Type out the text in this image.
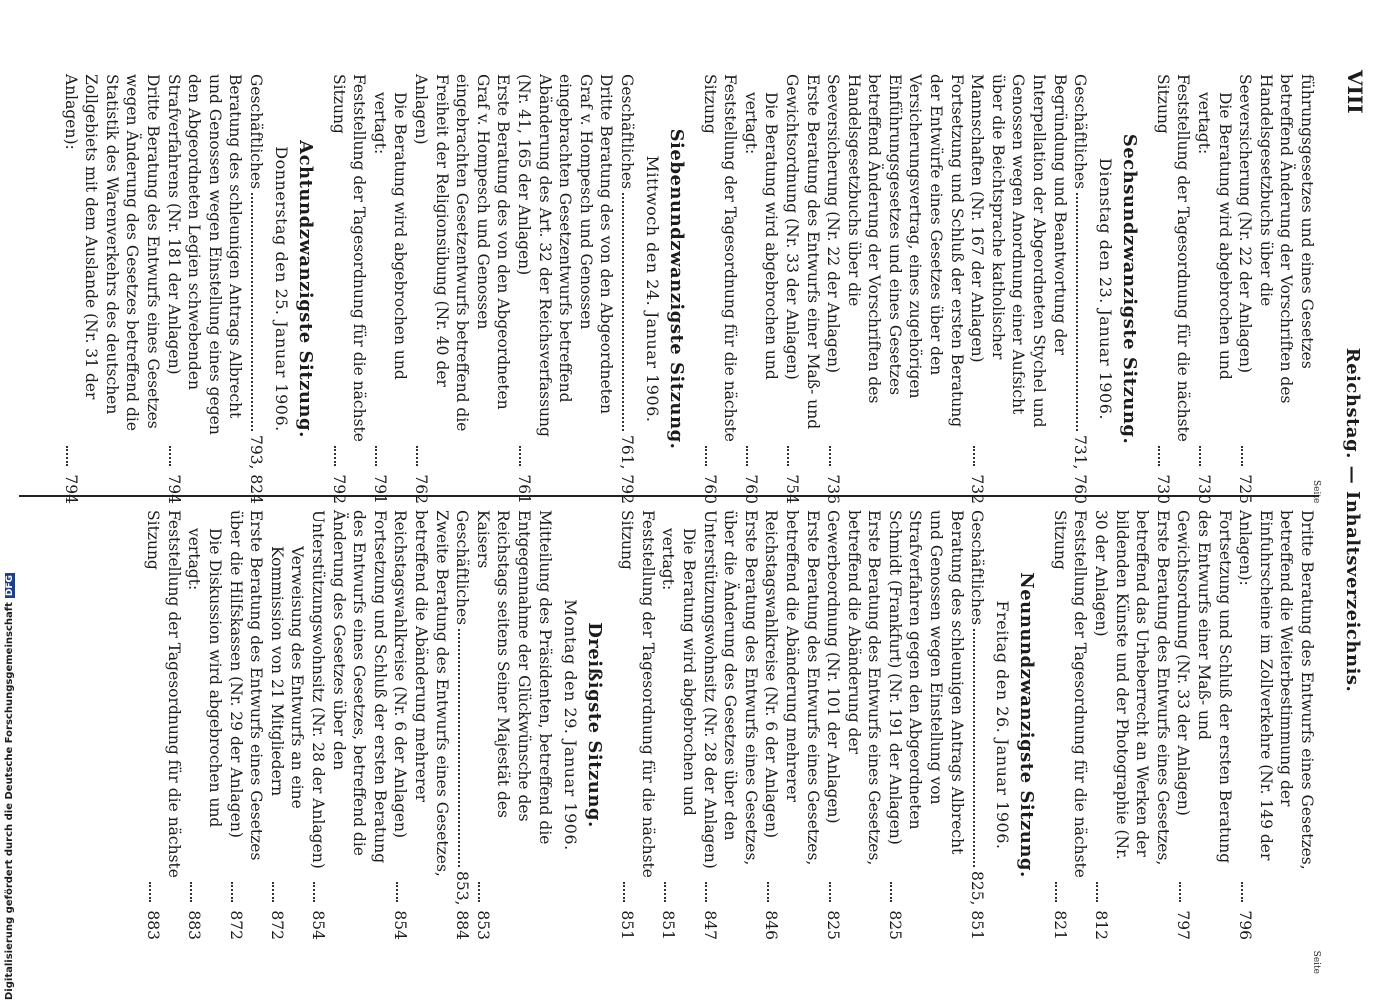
VIII
Reichstag. — Inhaltsverzeichnis.
Seite
Seite
führungsgesetzes und eines Gesetzes betreffend Änderung der Vorschriften des Handelsgesetzbuchs über die Seeversicherung (Nr. 22 der Anlagen)
725
Die Beratung wird abgebrochen und vertagt:
730
Feststellung der Tagesordnung für die nächste Sitzung
730
Sechsundzwanzigste Sitzung.
Dienstag den 23. Januar 1906.
Geschäftliches
731, 760
Begründung und Beantwortung der Interpellation der Abgeordneten Stychel und Genossen wegen Anordnung einer Aufsicht über die Beichtsprache katholischer Mannschaften (Nr. 167 der Anlagen)
732
Fortsetzung und Schluß der ersten Beratung der Entwürfe eines Gesetzes über den Versicherungsvertrag, eines zugehörigen Einführungsgesetzes und eines Gesetzes betreffend Änderung der Vorschriften des Handelsgesetzbuchs über die Seeversicherung (Nr. 22 der Anlagen)
736
Erste Beratung des Entwurfs einer Maß- und Gewichtsordnung (Nr. 33 der Anlagen)
754
Die Beratung wird abgebrochen und vertagt:
760
Feststellung der Tagesordnung für die nächste Sitzung
760
Siebenundzwanzigste Sitzung.
Mittwoch den 24. Januar 1906.
Geschäftliches
761, 792
Dritte Beratung des von den Abgeordneten Graf v. Hompesch und Genossen eingebrachten Gesetzentwurfs betreffend Abänderung des Art. 32 der Reichsverfassung (Nr. 41, 165 der Anlagen)
761
Erste Beratung des von den Abgeordneten Graf v. Hompesch und Genossen eingebrachten Gesetzentwurfs betreffend die Freiheit der Religionsübung (Nr. 40 der Anlagen)
762
Die Beratung wird abgebrochen und vertagt:
791
Feststellung der Tagesordnung für die nächste Sitzung
792
Achtundzwanzigste Sitzung.
Donnerstag den 25. Januar 1906.
Geschäftliches
793, 824
Beratung des schleunigen Antrags Albrecht und Genossen wegen Einstellung eines gegen den Abgeordneten Legien schwebenden Strafverfahrens (Nr. 181 der Anlagen)
794
Dritte Beratung des Entwurfs eines Gesetzes wegen Änderung des Gesetzes betreffend die Statistik des Warenverkehrs des deutschen Zollgebiets mit dem Auslande (Nr. 31 der Anlagen):
794
Dritte Beratung des Entwurfs eines Gesetzes, betreffend die Weiterbestimmung der Einfuhrscheine im Zollverkehre (Nr. 149 der Anlagen):
796
Fortsetzung und Schluß der ersten Beratung des Entwurfs einer Maß- und Gewichtsordnung (Nr. 33 der Anlagen)
797
Erste Beratung des Entwurfs eines Gesetzes, betreffend das Urheberrecht an Werken der bildenden Künste und der Photographie (Nr. 30 der Anlagen)
812
Feststellung der Tagesordnung für die nächste Sitzung
821
Neunundzwanzigste Sitzung.
Freitag den 26. Januar 1906.
Geschäftliches
825, 851
Beratung des schleunigen Antrags Albrecht und Genossen wegen Einstellung von Strafverfahren gegen den Abgeordneten Schmidt (Frankfurt) (Nr. 191 der Anlagen)
825
Erste Beratung des Entwurfs eines Gesetzes, betreffend die Abänderung der Gewerbeordnung (Nr. 101 der Anlagen)
825
Erste Beratung des Entwurfs eines Gesetzes, betreffend die Abänderung mehrerer Reichstagswahlkreise (Nr. 6 der Anlagen)
846
Erste Beratung des Entwurfs eines Gesetzes, über die Änderung des Gesetzes über den Unterstützungswohnsitz (Nr. 28 der Anlagen)
847
Die Beratung wird abgebrochen und vertagt:
851
Feststellung der Tagesordnung für die nächste Sitzung
851
Dreißigste Sitzung.
Montag den 29. Januar 1906.
Mitteilung des Präsidenten, betreffend die Entgegennahme der Glückwünsche des Reichstags seitens Seiner Majestät des Kaisers
853
Geschäftliches
853, 884
Zweite Beratung des Entwurfs eines Gesetzes, betreffend die Abänderung mehrerer Reichstagswahlkreise (Nr. 6 der Anlagen)
854
Fortsetzung und Schluß der ersten Beratung des Entwurfs eines Gesetzes, betreffend die Änderung des Gesetzes über den Unterstützungswohnsitz (Nr. 28 der Anlagen)
854
Verweisung des Entwurfs an eine Kommission von 21 Mitgliedern
872
Erste Beratung des Entwurfs eines Gesetzes über die Hilfskassen (Nr. 29 der Anlagen)
872
Die Diskussion wird abgebrochen und vertagt:
883
Feststellung der Tagesordnung für die nächste Sitzung
883
Digitalisierung gefördert durch die Deutsche ForschungsgemeinschaftDFG
